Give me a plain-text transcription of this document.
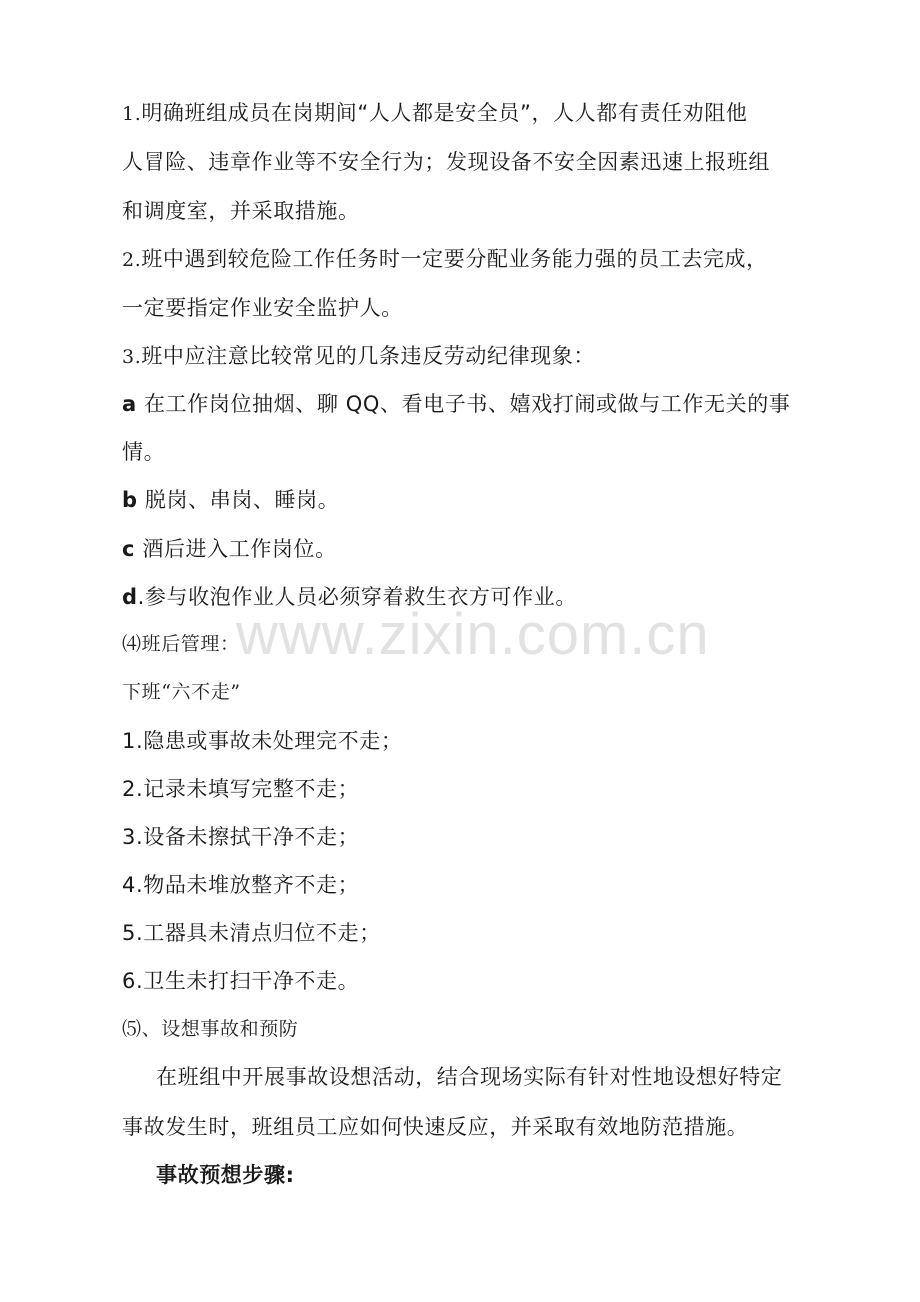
1.明确班组成员在岗期间“人人都是安全员”，人人都有责任劝阻他
人冒险、违章作业等不安全行为；发现设备不安全因素迅速上报班组
和调度室，并采取措施。
2.班中遇到较危险工作任务时一定要分配业务能力强的员工去完成，
一定要指定作业安全监护人。
3.班中应注意比较常见的几条违反劳动纪律现象：
a 在工作岗位抽烟、聊 QQ、看电子书、嬉戏打闹或做与工作无关的事
情。
b 脱岗、串岗、睡岗。
c 酒后进入工作岗位。
d.参与收泡作业人员必须穿着救生衣方可作业。
⑷班后管理：
下班“六不走”
1.隐患或事故未处理完不走；
2.记录未填写完整不走；
3.设备未擦拭干净不走；
4.物品未堆放整齐不走；
5.工器具未清点归位不走；
6.卫生未打扫干净不走。
⑸、设想事故和预防
在班组中开展事故设想活动，结合现场实际有针对性地设想好特定
事故发生时，班组员工应如何快速反应，并采取有效地防范措施。
事故预想步骤:
www.zixin.com.cn
